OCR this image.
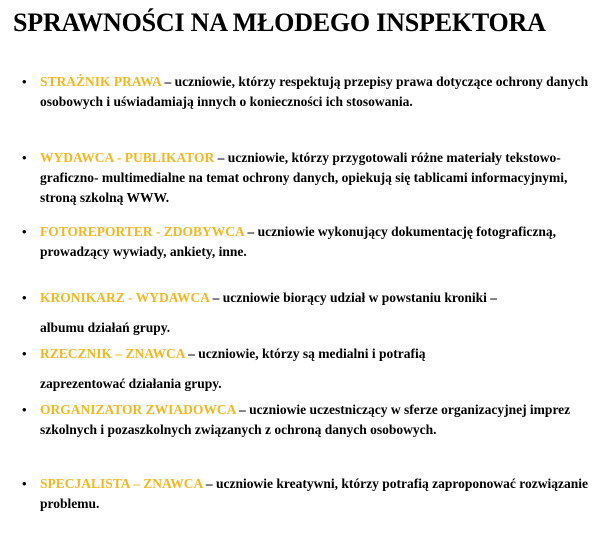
SPRAWNOŚCI NA MŁODEGO INSPEKTORA
• STRAŻNIK PRAWA – uczniowie, którzy respektują przepisy prawa dotyczące ochrony danych osobowych i uświadamiają innych o konieczności ich stosowania.
• WYDAWCA - PUBLIKATOR – uczniowie, którzy przygotowali różne materiały tekstowo- graficzno- multimedialne na temat ochrony danych, opiekują się tablicami informacyjnymi, stroną szkolną WWW.
• FOTOREPORTER - ZDOBYWCA – uczniowie wykonujący dokumentację fotograficzną, prowadzący wywiady, ankiety, inne.
• KRONIKARZ - WYDAWCA – uczniowie biorący udział w powstaniu kroniki –
albumu działań grupy.
• RZECZNIK – ZNAWCA – uczniowie, którzy są medialni i potrafią
zaprezentować działania grupy.
• ORGANIZATOR ZWIADOWCA – uczniowie uczestniczący w sferze organizacyjnej imprez szkolnych i pozaszkolnych związanych z ochroną danych osobowych.
• SPECJALISTA – ZNAWCA – uczniowie kreatywni, którzy potrafią zaproponować rozwiązanie problemu.
